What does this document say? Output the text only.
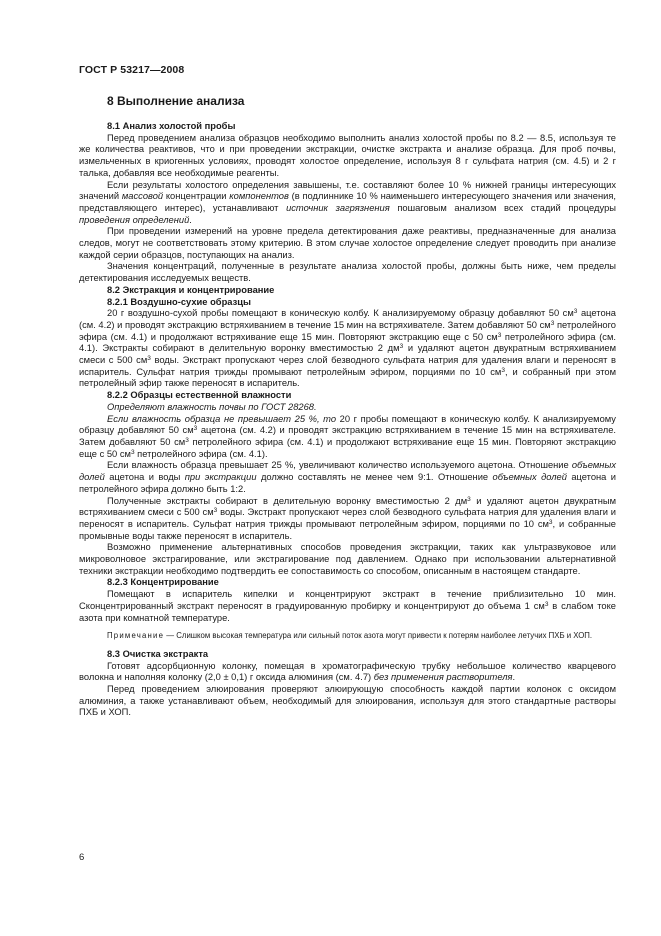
ГОСТ Р 53217—2008
8 Выполнение анализа
8.1 Анализ холостой пробы

Перед проведением анализа образцов необходимо выполнить анализ холостой пробы по 8.2 — 8.5, используя те же количества реактивов, что и при проведении экстракции, очистке экстракта и анализе образца. Для проб почвы, измельченных в криогенных условиях, проводят холостое определение, используя 8 г сульфата натрия (см. 4.5) и 2 г талька, добавляя все необходимые реагенты.

Если результаты холостого определения завышены, т.е. составляют более 10 % нижней границы интересующих значений массовой концентрации компонентов (в подлиннике 10 % наименьшего интересующего значения или значения, представляющего интерес), устанавливают источник загрязнения пошаговым анализом всех стадий процедуры проведения определений.

При проведении измерений на уровне предела детектирования даже реактивы, предназначенные для анализа следов, могут не соответствовать этому критерию. В этом случае холостое определение следует проводить при анализе каждой серии образцов, поступающих на анализ.

Значения концентраций, полученные в результате анализа холостой пробы, должны быть ниже, чем пределы детектирования исследуемых веществ.

8.2 Экстракция и концентрирование
8.2.1 Воздушно-сухие образцы

20 г воздушно-сухой пробы помещают в коническую колбу. К анализируемому образцу добавляют 50 $см^3$ ацетона (см. 4.2) и проводят экстракцию встряхиванием в течение 15 мин на встряхивателе. Затем добавляют 50 $см^3$ петролейного эфира (см. 4.1) и продолжают встряхивание еще 15 мин. Повторяют экстракцию еще с 50 $см^3$ петролейного эфира (см. 4.1). Экстракты собирают в делительную воронку вместимостью 2 $дм^3$ и удаляют ацетон двукратным встряхиванием смеси с 500 $см^3$ воды. Экстракт пропускают через слой безводного сульфата натрия для удаления влаги и переносят в испаритель. Сульфат натрия трижды промывают петролейным эфиром, порциями по 10 $см^3$, и собранный при этом петролейный эфир также переносят в испаритель.

8.2.2 Образцы естественной влажности

Определяют влажность почвы по ГОСТ 28268.

Если влажность образца не превышает 25 %, то 20 г пробы помещают в коническую колбу. К анализируемому образцу добавляют 50 $см^3$ ацетона (см. 4.2) и проводят экстракцию встряхиванием в течение 15 мин на встряхивателе. Затем добавляют 50 $см^3$ петролейного эфира (см. 4.1) и продолжают встряхивание еще 15 мин. Повторяют экстракцию еще с 50 $см^3$ петролейного эфира (см. 4.1).

Если влажность образца превышает 25 %, увеличивают количество используемого ацетона. Отношение объемных долей ацетона и воды при экстракции должно составлять не менее чем 9:1. Отношение объемных долей ацетона и петролейного эфира должно быть 1:2.

Полученные экстракты собирают в делительную воронку вместимостью 2 $дм^3$ и удаляют ацетон двукратным встряхиванием смеси с 500 $см^3$ воды. Экстракт пропускают через слой безводного сульфата натрия для удаления влаги и переносят в испаритель. Сульфат натрия трижды промывают петролейным эфиром, порциями по 10 $см^3$, и собранные промывные воды также переносят в испаритель.

Возможно применение альтернативных способов проведения экстракции, таких как ультразвуковое или микроволновое экстрагирование, или экстрагирование под давлением. Однако при использовании альтернативной техники экстракции необходимо подтвердить ее сопоставимость со способом, описанным в настоящем стандарте.

8.2.3 Концентрирование

Помещают в испаритель кипелки и концентрируют экстракт в течение приблизительно 10 мин. Сконцентрированный экстракт переносят в градуированную пробирку и концентрируют до объема 1 $см^3$ в слабом токе азота при комнатной температуре.

Примечание — Слишком высокая температура или сильный поток азота могут привести к потерям наиболее летучих ПХБ и ХОП.

8.3 Очистка экстракта

Готовят адсорбционную колонку, помещая в хроматографическую трубку небольшое количество кварцевого волокна и наполняя колонку (2,0 ± 0,1) г оксида алюминия (см. 4.7) без применения растворителя.

Перед проведением элюирования проверяют элюирующую способность каждой партии колонок с оксидом алюминия, а также устанавливают объем, необходимый для элюирования, используя для этого стандартные растворы ПХБ и ХОП.

6
